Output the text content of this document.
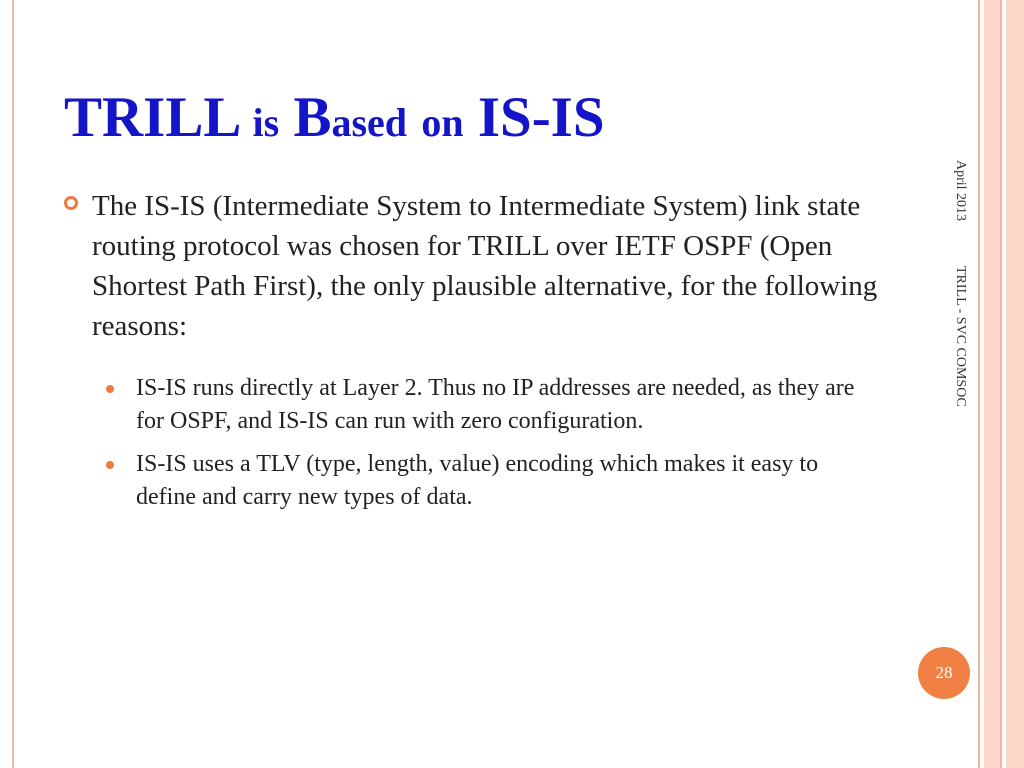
TRILL is Based on IS-IS
The IS-IS (Intermediate System to Intermediate System) link state routing protocol was chosen for TRILL over IETF OSPF (Open Shortest Path First), the only plausible alternative, for the following reasons:
IS-IS runs directly at Layer 2. Thus no IP addresses are needed, as they are for OSPF, and IS-IS can run with zero configuration.
IS-IS uses a TLV (type, length, value) encoding which makes it easy to define and carry new types of data.
April 2013
TRILL - SVC COMSOC
28
